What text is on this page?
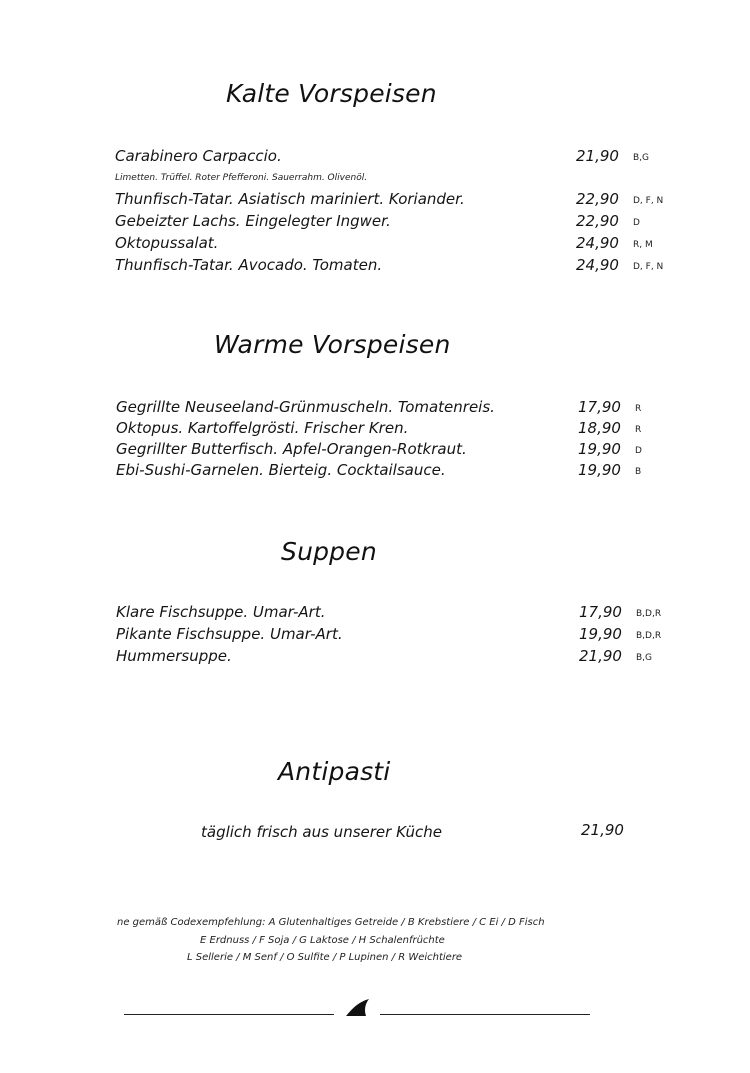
Kalte Vorspeisen
Carabinero Carpaccio.	21,90 B,G
Limetten. Trüffel. Roter Pfefferoni. Sauerrahm. Olivenöl.
Thunfisch-Tatar. Asiatisch mariniert. Koriander.	22,90 D, F, N
Gebeizter Lachs. Eingelegter Ingwer.	22,90 D
Oktopussalat.	24,90 R, M
Thunfisch-Tatar. Avocado. Tomaten.	24,90 D, F, N
Warme Vorspeisen
Gegrillte Neuseeland-Grünmuscheln. Tomatenreis.	17,90 R
Oktopus. Kartoffelgrösti. Frischer Kren.	18,90 R
Gegrillter Butterfisch. Apfel-Orangen-Rotkraut.	19,90 D
Ebi-Sushi-Garnelen. Bierteig. Cocktailsauce.	19,90 B
Suppen
Klare Fischsuppe. Umar-Art.	17,90 B,D,R
Pikante Fischsuppe. Umar-Art.	19,90 B,D,R
Hummersuppe.	21,90 B,G
Antipasti
täglich frisch aus unserer Küche	21,90
ne gemäß Codexempfehlung: A Glutenhaltiges Getreide / B Krebstiere / C Ei / D Fisch
E Erdnuss / F Soja / G Laktose / H Schalenfrüchte
L Sellerie / M Senf / O Sulfite / P Lupinen / R Weichtiere
